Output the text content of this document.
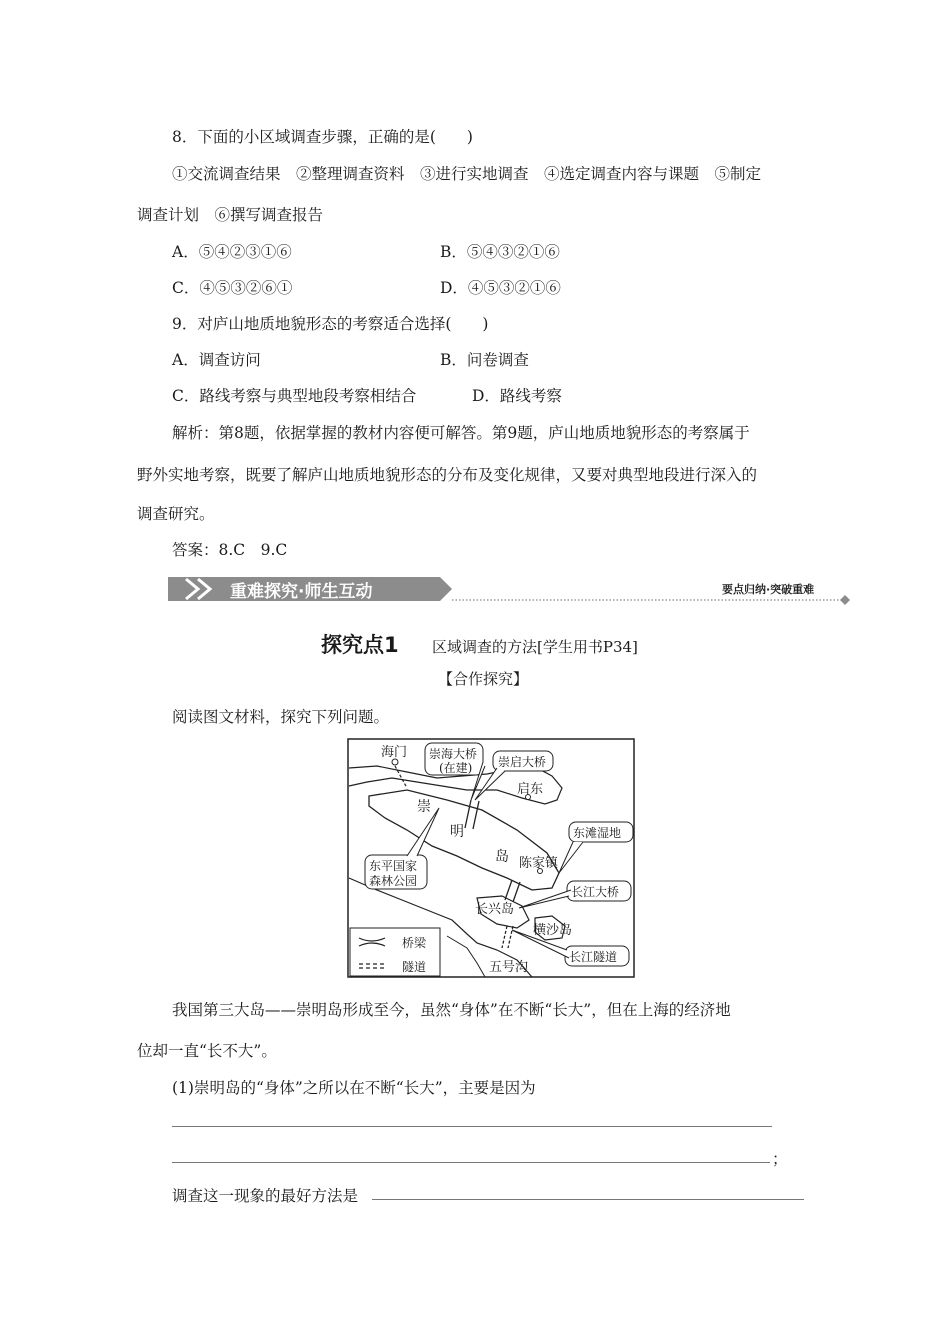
8．下面的小区域调查步骤，正确的是(　　)
①交流调查结果　②整理调查资料　③进行实地调查　④选定调查内容与课题　⑤制定
调查计划　⑥撰写调查报告
A．⑤④②③①⑥	B．⑤④③②①⑥
C．④⑤③②⑥①	D．④⑤③②①⑥
9．对庐山地质地貌形态的考察适合选择(　　)
A．调查访问	B．问卷调查
C．路线考察与典型地段考察相结合	D．路线考察
解析：第8题，依据掌握的教材内容便可解答。第9题，庐山地质地貌形态的考察属于
野外实地考察，既要了解庐山地质地貌形态的分布及变化规律，又要对典型地段进行深入的
调查研究。
答案：8.C　9.C
重难探究·师生互动	要点归纳·突破重难
探究点1 区域调查的方法[学生用书P34]
【合作探究】
阅读图文材料，探究下列问题。
海门 崇海大桥
(在建) 崇启大桥
启东
崇
明
岛 陈家镇
东滩湿地
东平国家
森林公园
长兴岛
长江大桥
横沙岛
长江隧道
五号沟
桥梁
隧道
我国第三大岛——崇明岛形成至今，虽然“身体”在不断“长大”，但在上海的经济地
位却一直“长不大”。
(1)崇明岛的“身体”之所以在不断“长大”，主要是因为
；
调查这一现象的最好方法是
